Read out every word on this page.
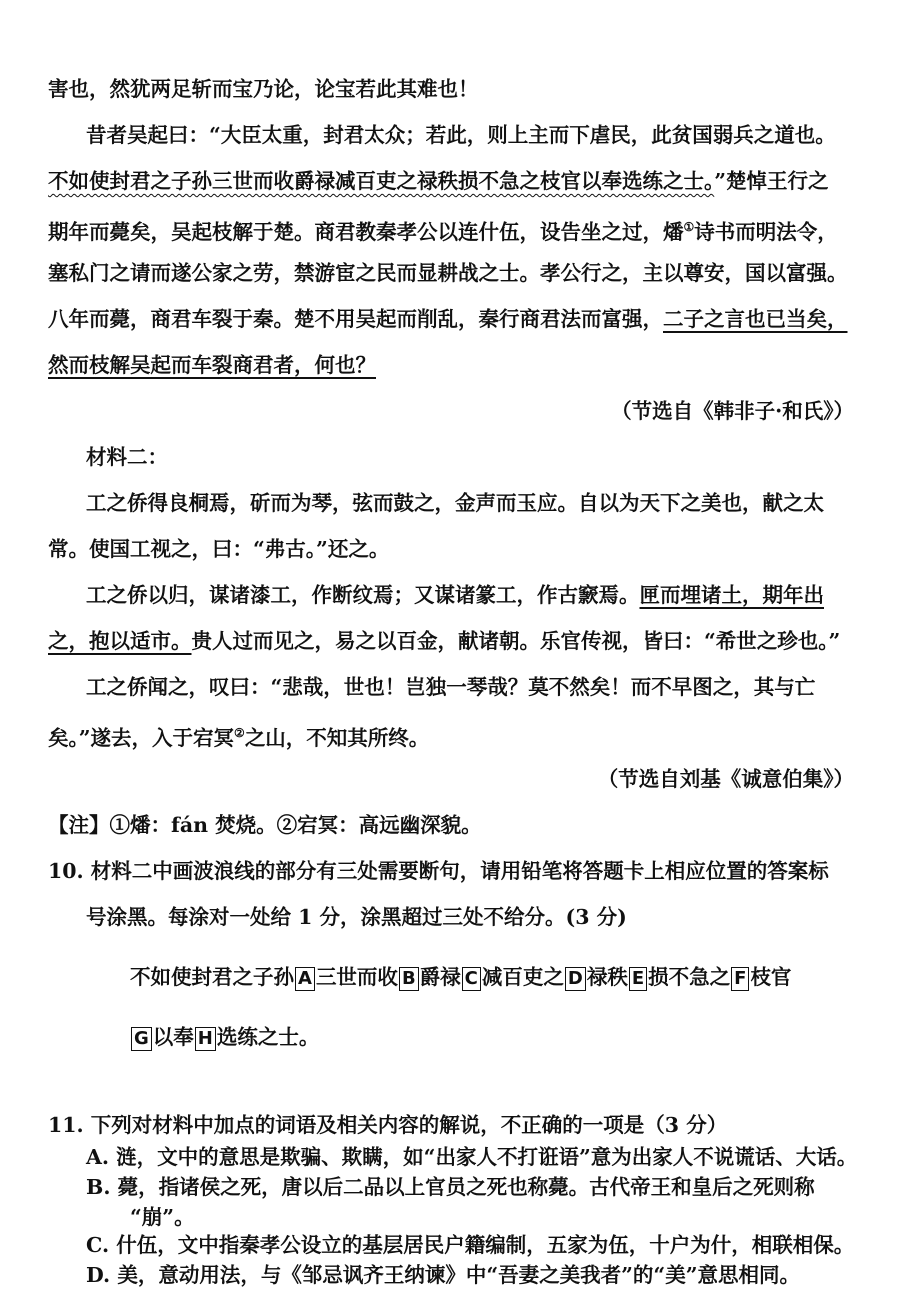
害也，然犹两足斩而宝乃论，论宝若此其难也！
昔者吴起曰：“大臣太重，封君太众；若此，则上主而下虐民，此贫国弱兵之道也。
不如使封君之子孙三世而收爵禄减百吏之禄秩损不急之枝官以奉选练之士。”楚悼王行之
期年而薨矣，吴起枝解于楚。商君教秦孝公以连什伍，设告坐之过，燔①诗书而明法令，
塞私门之请而遂公家之劳，禁游宦之民而显耕战之士。孝公行之，主以尊安，国以富强。
八年而薨，商君车裂于秦。楚不用吴起而削乱，秦行商君法而富强，二子之言也已当矣，
然而枝解吴起而车裂商君者，何也？
（节选自《韩非子·和氏》）
材料二：
工之侨得良桐焉，斫而为琴，弦而鼓之，金声而玉应。自以为天下之美也，献之太
常。使国工视之，曰：“弗古。”还之。
工之侨以归，谋诸漆工，作断纹焉；又谋诸篆工，作古窾焉。匣而埋诸土，期年出
之，抱以适市。贵人过而见之，易之以百金，献诸朝。乐官传视，皆曰：“希世之珍也。”
工之侨闻之，叹曰：“悲哉，世也！岂独一琴哉？莫不然矣！而不早图之，其与亡
矣。”遂去，入于宕冥②之山，不知其所终。
（节选自刘基《诚意伯集》）
【注】①燔：fán 焚烧。②宕冥：高远幽深貌。
10. 材料二中画波浪线的部分有三处需要断句，请用铅笔将答题卡上相应位置的答案标
号涂黑。每涂对一处给 1 分，涂黑超过三处不给分。(3 分)
不如使封君之子孙 A 三世而收 B 爵禄 C 减百吏之 D 禄秩 E 损不急之 F 枝官
G 以奉 H 选练之士。
11. 下列对材料中加点的词语及相关内容的解说，不正确的一项是（3 分）
A. 涟，文中的意思是欺骗、欺瞒，如“出家人不打诳语”意为出家人不说谎话、大话。
B. 薨，指诸侯之死，唐以后二品以上官员之死也称薨。古代帝王和皇后之死则称
“崩”。
C. 什伍，文中指秦孝公设立的基层居民户籍编制，五家为伍，十户为什，相联相保。
D. 美，意动用法，与《邹忌讽齐王纳谏》中“吾妻之美我者”的“美”意思相同。
